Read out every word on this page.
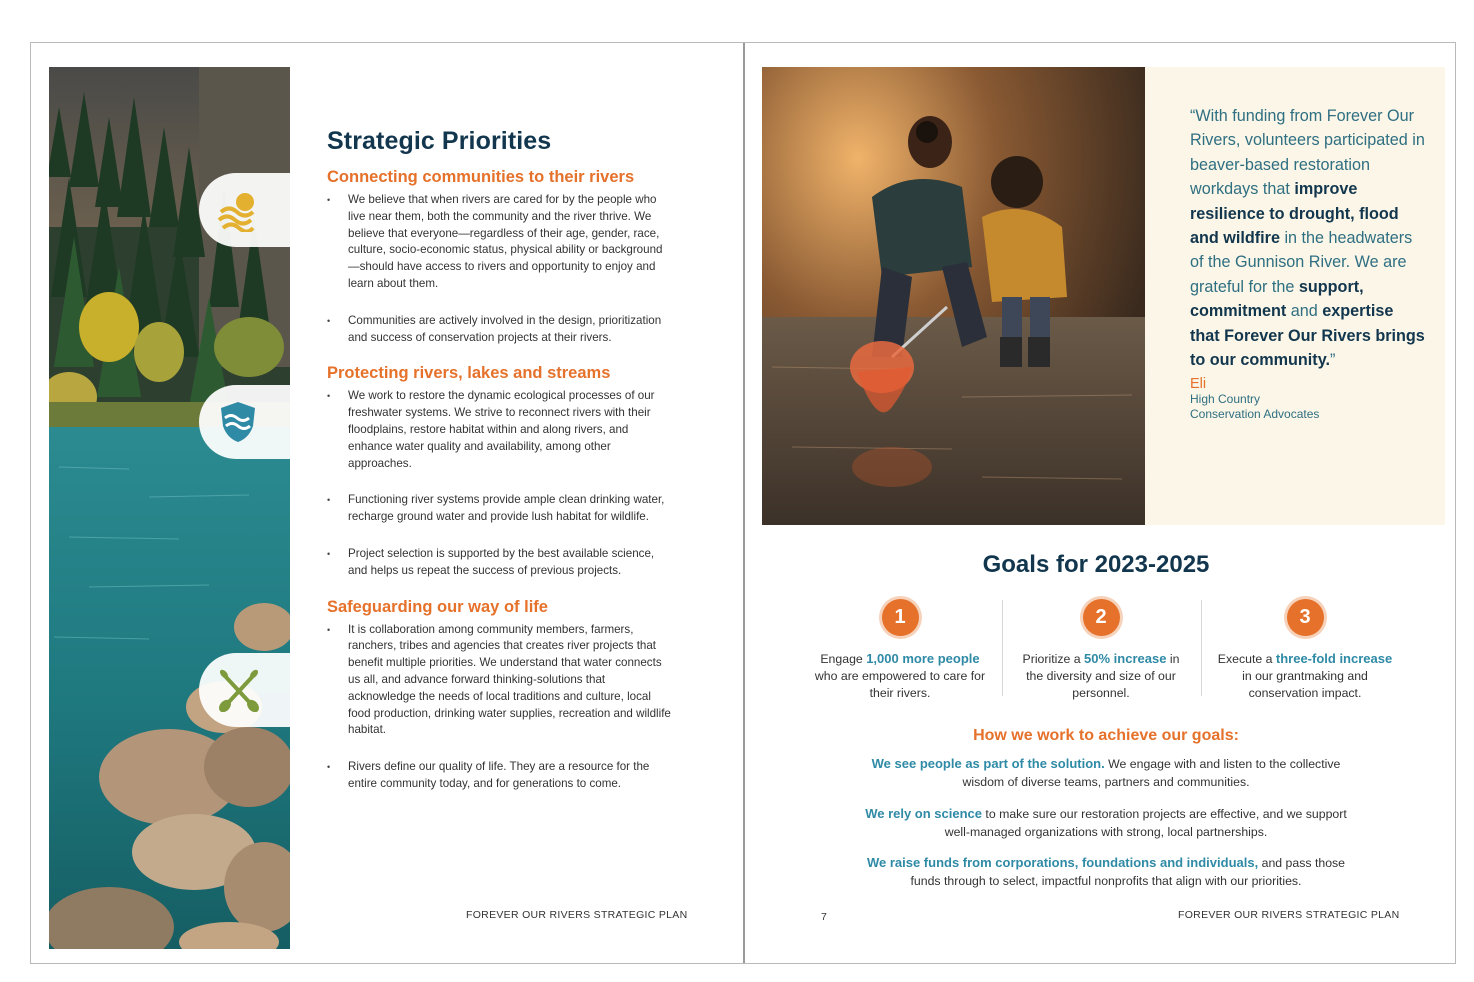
Strategic Priorities
Connecting communities to their rivers
• We believe that when rivers are cared for by the people who live near them, both the community and the river thrive. We believe that everyone—regardless of their age, gender, race, culture, socio-economic status, physical ability or background—should have access to rivers and opportunity to enjoy and learn about them.
• Communities are actively involved in the design, prioritization and success of conservation projects at their rivers.
Protecting rivers, lakes and streams
• We work to restore the dynamic ecological processes of our freshwater systems. We strive to reconnect rivers with their floodplains, restore habitat within and along rivers, and enhance water quality and availability, among other approaches.
• Functioning river systems provide ample clean drinking water, recharge ground water and provide lush habitat for wildlife.
• Project selection is supported by the best available science, and helps us repeat the success of previous projects.
Safeguarding our way of life
• It is collaboration among community members, farmers, ranchers, tribes and agencies that creates river projects that benefit multiple priorities. We understand that water connects us all, and advance forward thinking-solutions that acknowledge the needs of local traditions and culture, local food production, drinking water supplies, recreation and wildlife habitat.
• Rivers define our quality of life. They are a resource for the entire community today, and for generations to come.
FOREVER OUR RIVERS STRATEGIC PLAN
“With funding from Forever Our Rivers, volunteers participated in beaver-based restoration workdays that improve resilience to drought, flood and wildfire in the headwaters of the Gunnison River. We are grateful for the support, commitment and expertise that Forever Our Rivers brings to our community.”
Eli
High Country
Conservation Advocates
Goals for 2023-2025
1

Engage 1,000 more people who are empowered to care for their rivers.

2

Prioritize a 50% increase in the diversity and size of our personnel.

3

Execute a three-fold increase in our grantmaking and conservation impact.

How we work to achieve our goals:
We see people as part of the solution. We engage with and listen to the collective wisdom of diverse teams, partners and communities.
We rely on science to make sure our restoration projects are effective, and we support well-managed organizations with strong, local partnerships.
We raise funds from corporations, foundations and individuals, and pass those funds through to select, impactful nonprofits that align with our priorities.
7	FOREVER OUR RIVERS STRATEGIC PLAN
